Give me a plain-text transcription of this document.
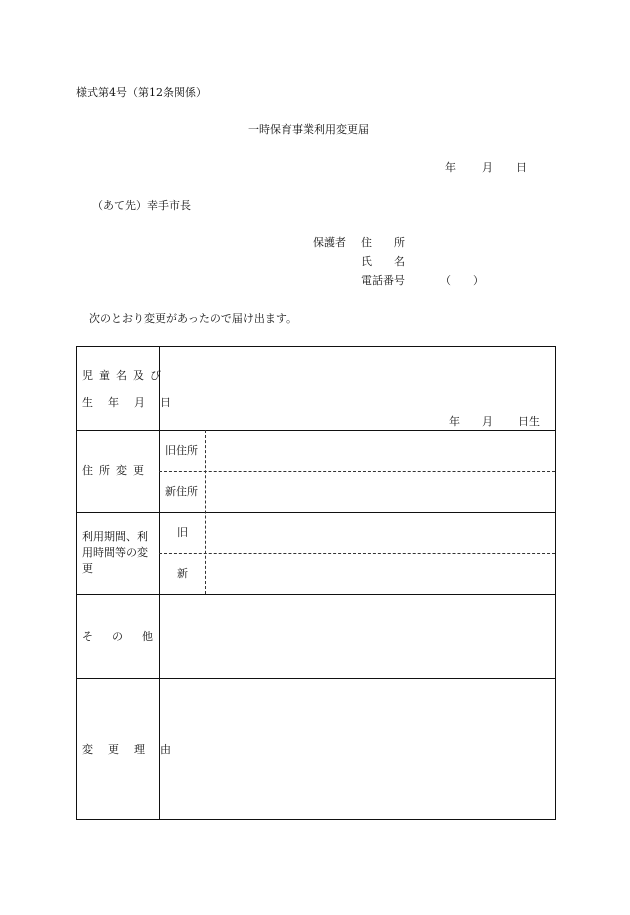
様式第4号（第12条関係）
一時保育事業利用変更届
年 月 日
（あて先）幸手市長
保護者 住　　所
氏　　名
電話番号	（　　）
次のとおり変更があったので届け出ます。
児童名及び
生年月日
年 月 日生
住所変更
旧住所
新住所
利用期間、利
用時間等の変
更
旧
新
その他
変更理由
